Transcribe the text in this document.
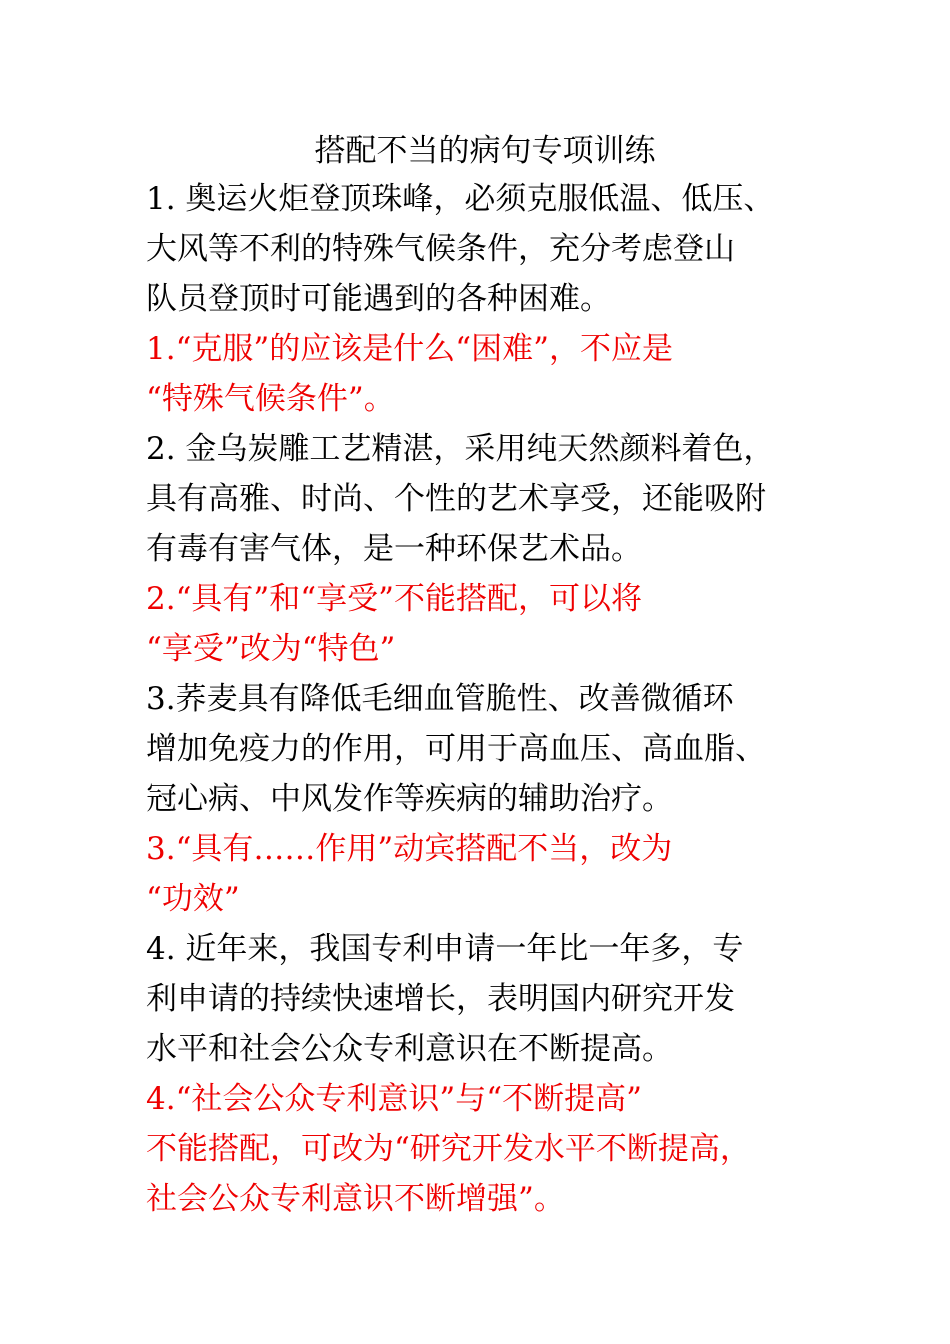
搭配不当的病句专项训练
1. 奥运火炬登顶珠峰，必须克服低温、低压、
大风等不利的特殊气候条件，充分考虑登山
队员登顶时可能遇到的各种困难。
1.“克服”的应该是什么“困难”，不应是
“特殊气候条件”。
2. 金乌炭雕工艺精湛，采用纯天然颜料着色，
具有高雅、时尚、个性的艺术享受，还能吸附
有毒有害气体，是一种环保艺术品。
2.“具有”和“享受”不能搭配，可以将
“享受”改为“特色”
3.荞麦具有降低毛细血管脆性、改善微循环
增加免疫力的作用，可用于高血压、高血脂、
冠心病、中风发作等疾病的辅助治疗。
3.“具有……作用”动宾搭配不当，改为
“功效”
4. 近年来，我国专利申请一年比一年多，专
利申请的持续快速增长，表明国内研究开发
水平和社会公众专利意识在不断提高。
4.“社会公众专利意识”与“不断提高”
不能搭配，可改为“研究开发水平不断提高，
社会公众专利意识不断增强”。
